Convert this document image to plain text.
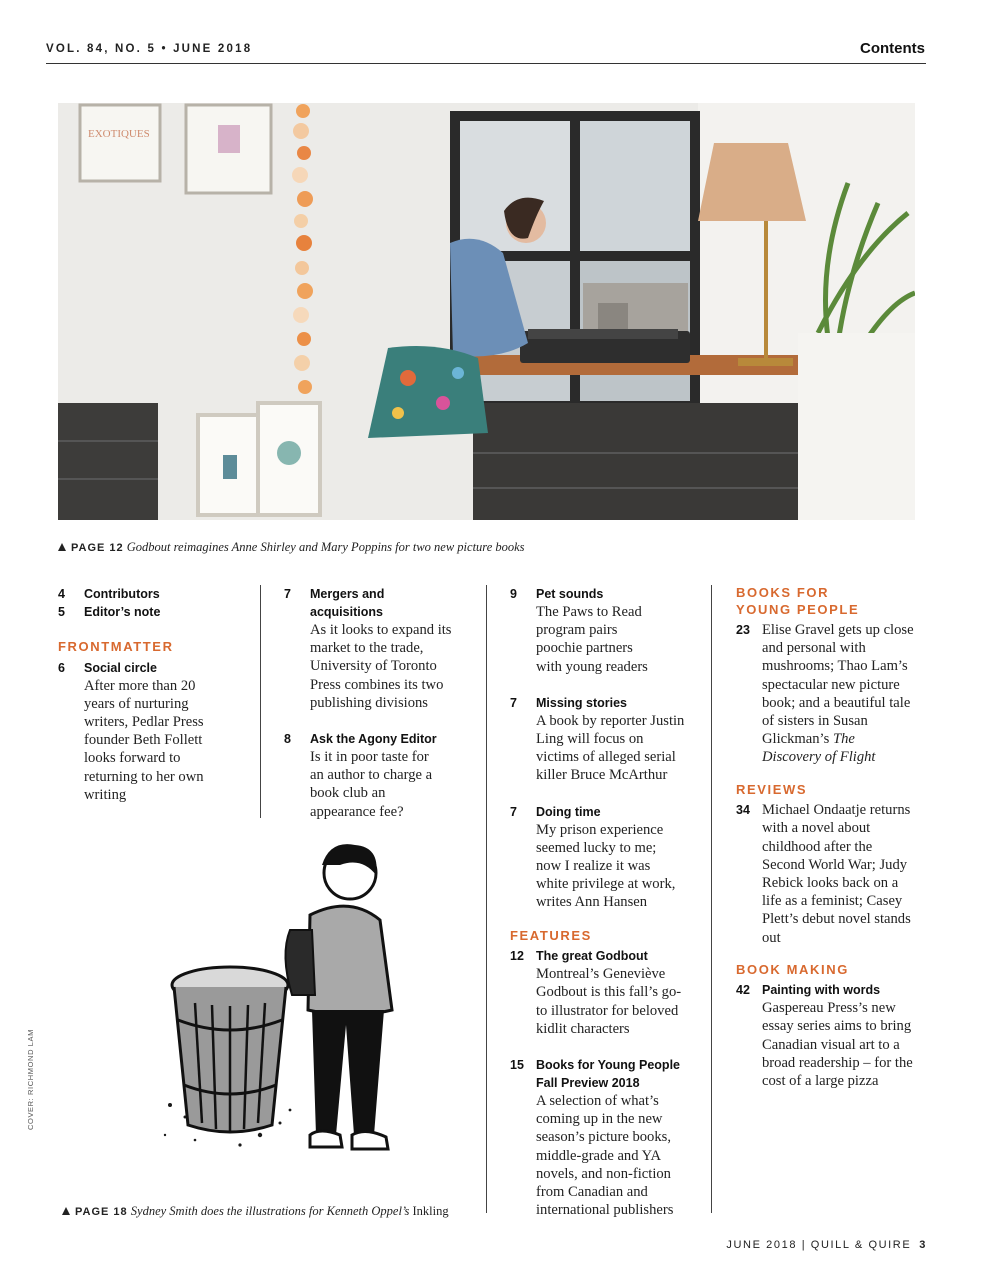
VOL. 84, NO. 5 • JUNE 2018	Contents
EXOTIQUES
PAGE 12 Godbout reimagines Anne Shirley and Mary Poppins for two new picture books
4 Contributors
5 Editor’s note
FRONTMATTER
6 Social circle
After more than 20 years of nurturing writers, Pedlar Press founder Beth Follett looks forward to returning to her own writing
7 Mergers and acquisitions
As it looks to expand its market to the trade, University of Toronto Press combines its two publishing divisions
8 Ask the Agony Editor
Is it in poor taste for an author to charge a book club an appearance fee?
9 Pet sounds
The Paws to Read program pairs poochie partners with young readers
7 Missing stories
A book by reporter Justin Ling will focus on victims of alleged serial killer Bruce McArthur
7 Doing time
My prison experience seemed lucky to me; now I realize it was white privilege at work, writes Ann Hansen
FEATURES
12 The great Godbout
Montreal’s Geneviève Godbout is this fall’s go-to illustrator for beloved kidlit characters
15 Books for Young People Fall Preview 2018
A selection of what’s coming up in the new season’s picture books, middle-grade and YA novels, and non-fiction from Canadian and international publishers
BOOKS FOR YOUNG PEOPLE
23 Elise Gravel gets up close and personal with mushrooms; Thao Lam’s spectacular new picture book; and a beautiful tale of sisters in Susan Glickman’s The Discovery of Flight
REVIEWS
34 Michael Ondaatje returns with a novel about childhood after the Second World War; Judy Rebick looks back on a life as a feminist; Casey Plett’s debut novel stands out
BOOK MAKING
42 Painting with words
Gaspereau Press’s new essay series aims to bring Canadian visual art to a broad readership – for the cost of a large pizza
PAGE 18 Sydney Smith does the illustrations for Kenneth Oppel’s Inkling
COVER: RICHMOND LAM
JUNE 2018 | QUILL & QUIRE 3
